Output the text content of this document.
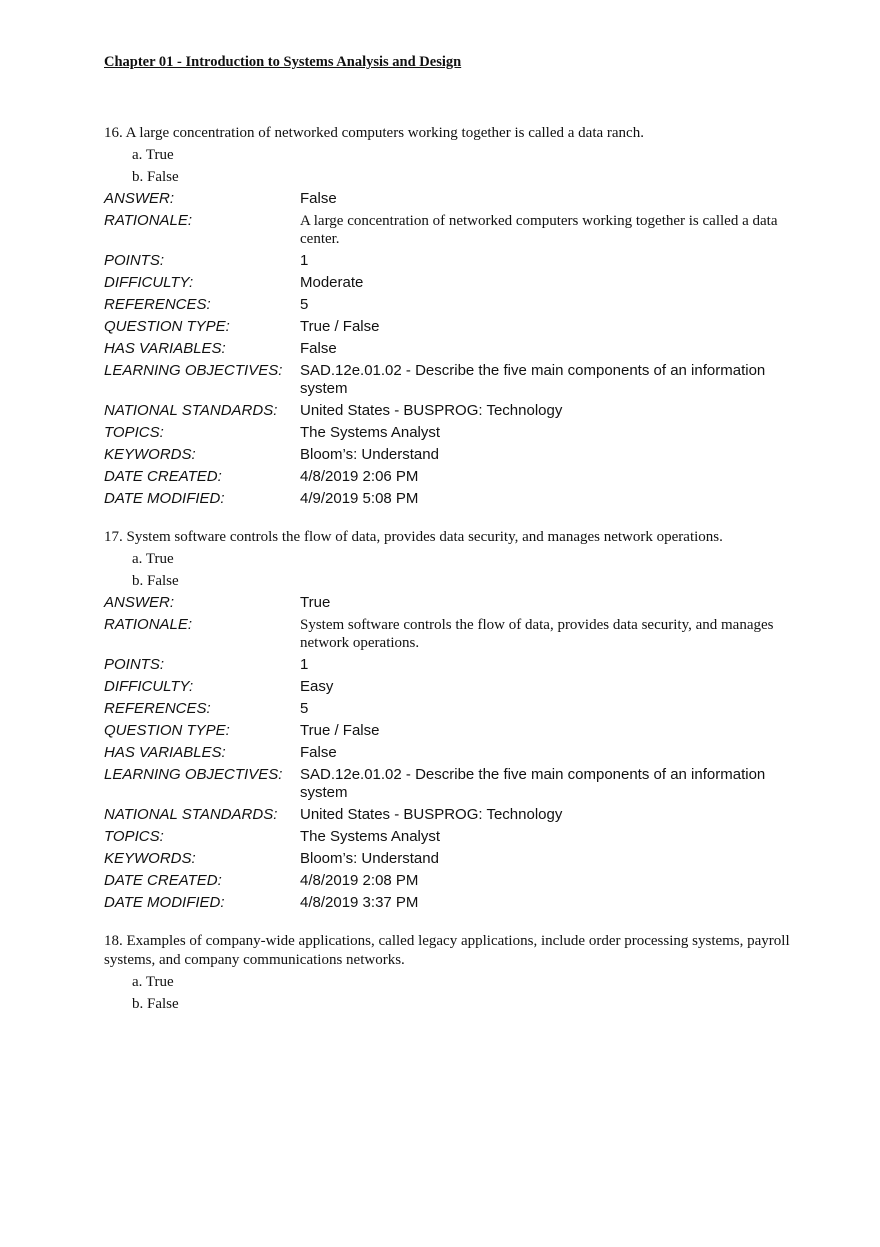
Chapter 01 - Introduction to Systems Analysis and Design

16. A large concentration of networked computers working together is called a data ranch.

a. True
b. False
ANSWER:	False
RATIONALE:	A large concentration of networked computers working together is called a data center.
POINTS:	1
DIFFICULTY:	Moderate
REFERENCES:	5
QUESTION TYPE:	True / False
HAS VARIABLES:	False
LEARNING OBJECTIVES:	SAD.12e.01.02 - Describe the five main components of an information system
NATIONAL STANDARDS:	United States - BUSPROG: Technology
TOPICS:	The Systems Analyst
KEYWORDS:	Bloom’s: Understand
DATE CREATED:	4/8/2019 2:06 PM
DATE MODIFIED:	4/9/2019 5:08 PM

17. System software controls the flow of data, provides data security, and manages network operations.

a. True
b. False
ANSWER:	True
RATIONALE:	System software controls the flow of data, provides data security, and manages network operations.
POINTS:	1
DIFFICULTY:	Easy
REFERENCES:	5
QUESTION TYPE:	True / False
HAS VARIABLES:	False
LEARNING OBJECTIVES:	SAD.12e.01.02 - Describe the five main components of an information system
NATIONAL STANDARDS:	United States - BUSPROG: Technology
TOPICS:	The Systems Analyst
KEYWORDS:	Bloom’s: Understand
DATE CREATED:	4/8/2019 2:08 PM
DATE MODIFIED:	4/8/2019 3:37 PM

18. Examples of company-wide applications, called legacy applications, include order processing systems, payroll systems, and company communications networks.

a. True
b. False
